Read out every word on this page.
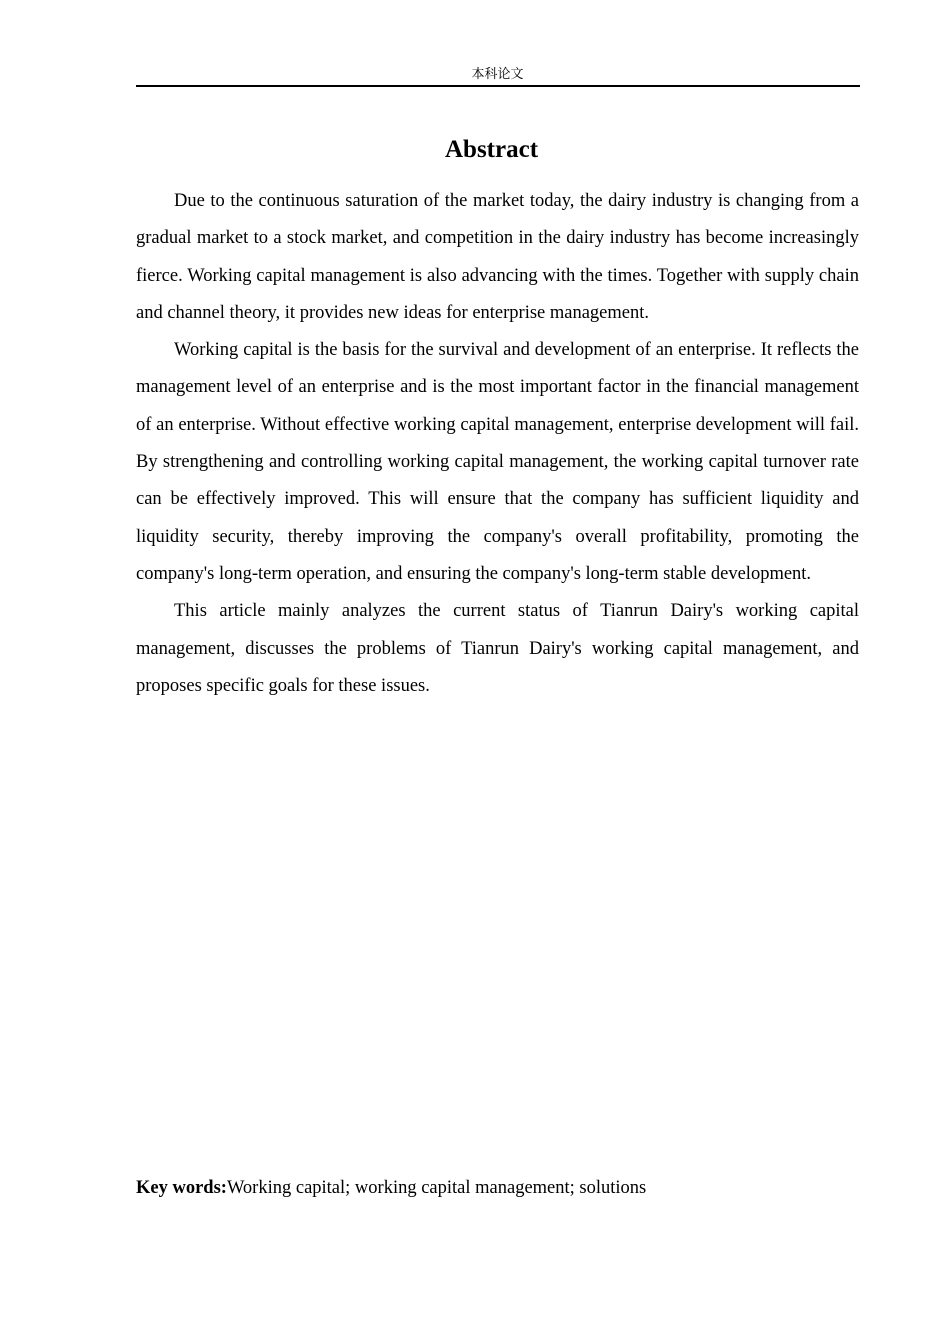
本科论文
Abstract

Due to the continuous saturation of the market today, the dairy industry is changing from a gradual market to a stock market, and competition in the dairy industry has become increasingly fierce. Working capital management is also advancing with the times. Together with supply chain and channel theory, it provides new ideas for enterprise management.

Working capital is the basis for the survival and development of an enterprise. It reflects the management level of an enterprise and is the most important factor in the financial management of an enterprise. Without effective working capital management, enterprise development will fail. By strengthening and controlling working capital management, the working capital turnover rate can be effectively improved. This will ensure that the company has sufficient liquidity and liquidity security, thereby improving the company's overall profitability, promoting the company's long-term operation, and ensuring the company's long-term stable development.

This article mainly analyzes the current status of Tianrun Dairy's working capital management, discusses the problems of Tianrun Dairy's working capital management, and proposes specific goals for these issues.

Key words:Working capital; working capital management; solutions
